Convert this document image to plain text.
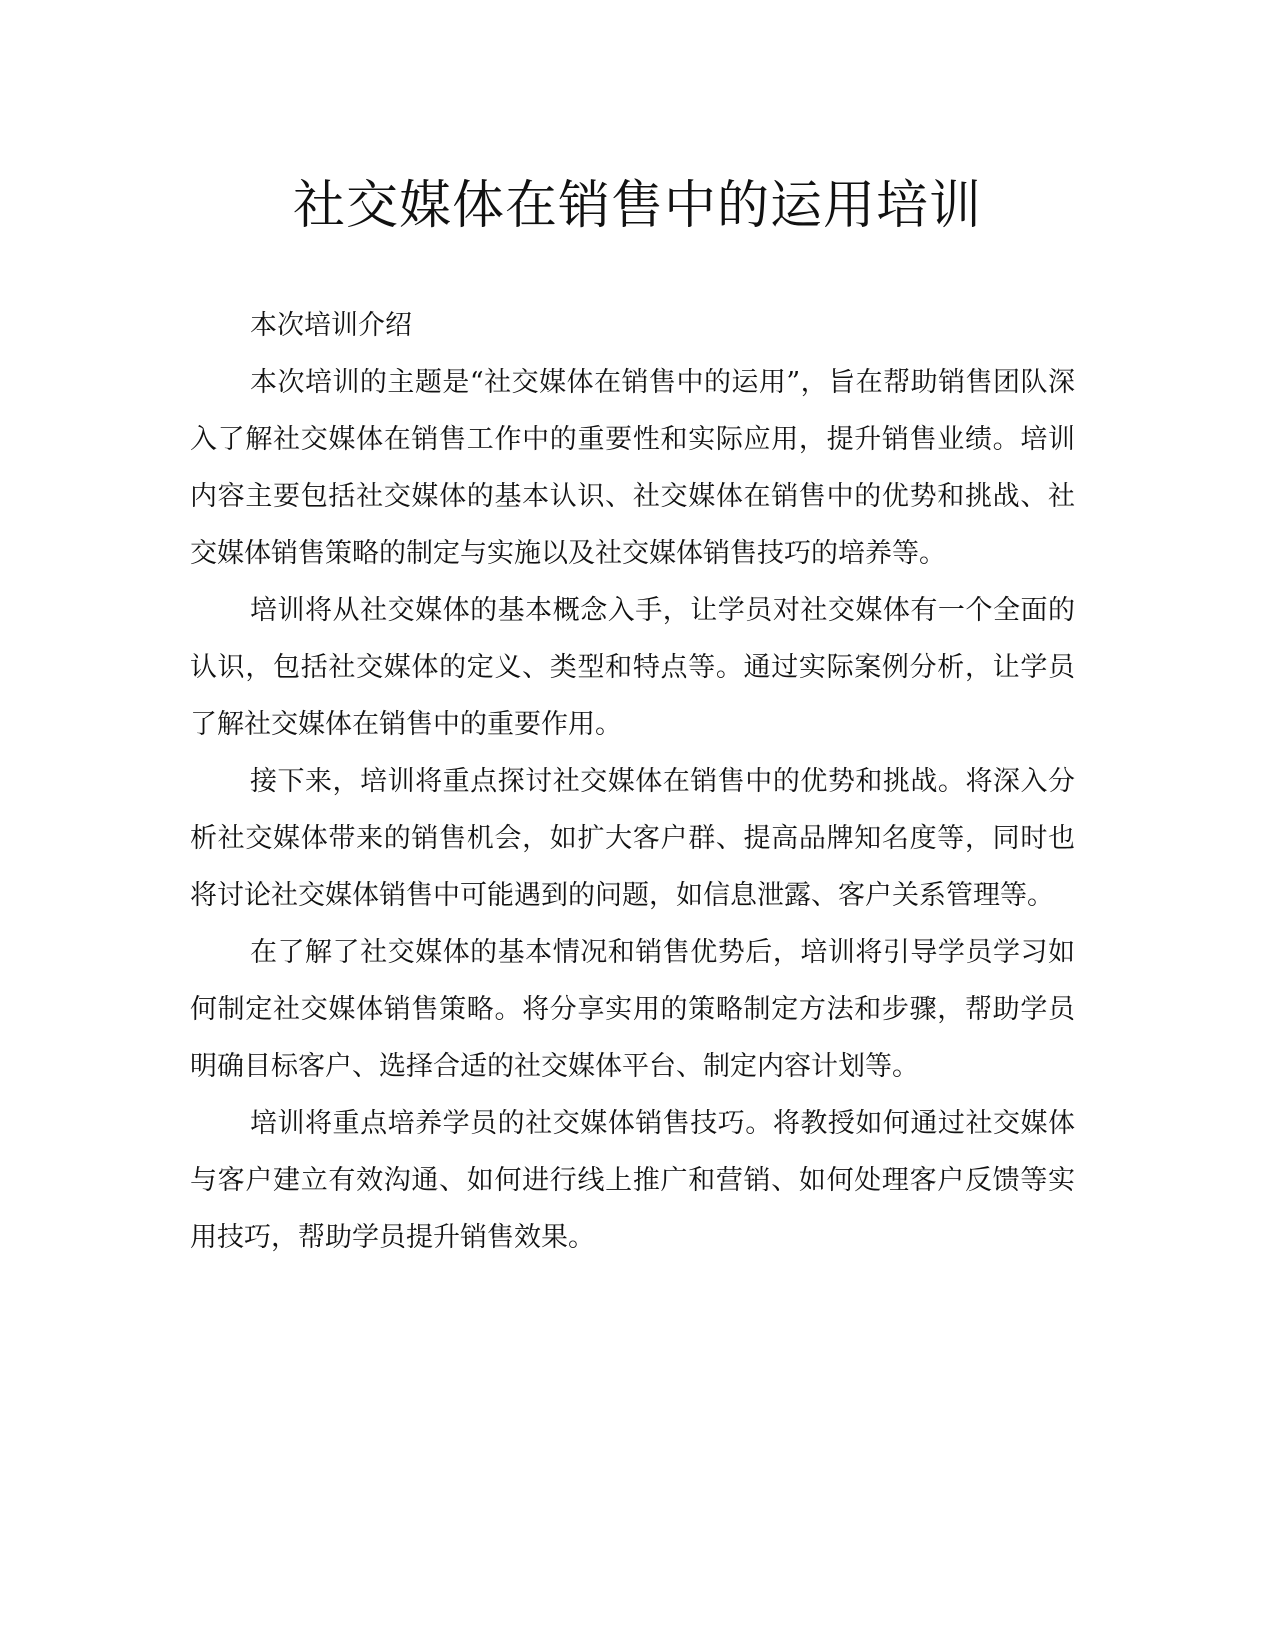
社交媒体在销售中的运用培训

本次培训介绍

本次培训的主题是“社交媒体在销售中的运用”，旨在帮助销售团队深入了解社交媒体在销售工作中的重要性和实际应用，提升销售业绩。培训内容主要包括社交媒体的基本认识、社交媒体在销售中的优势和挑战、社交媒体销售策略的制定与实施以及社交媒体销售技巧的培养等。

培训将从社交媒体的基本概念入手，让学员对社交媒体有一个全面的认识，包括社交媒体的定义、类型和特点等。通过实际案例分析，让学员了解社交媒体在销售中的重要作用。

接下来，培训将重点探讨社交媒体在销售中的优势和挑战。将深入分析社交媒体带来的销售机会，如扩大客户群、提高品牌知名度等，同时也将讨论社交媒体销售中可能遇到的问题，如信息泄露、客户关系管理等。

在了解了社交媒体的基本情况和销售优势后，培训将引导学员学习如何制定社交媒体销售策略。将分享实用的策略制定方法和步骤，帮助学员明确目标客户、选择合适的社交媒体平台、制定内容计划等。

培训将重点培养学员的社交媒体销售技巧。将教授如何通过社交媒体与客户建立有效沟通、如何进行线上推广和营销、如何处理客户反馈等实用技巧，帮助学员提升销售效果。
